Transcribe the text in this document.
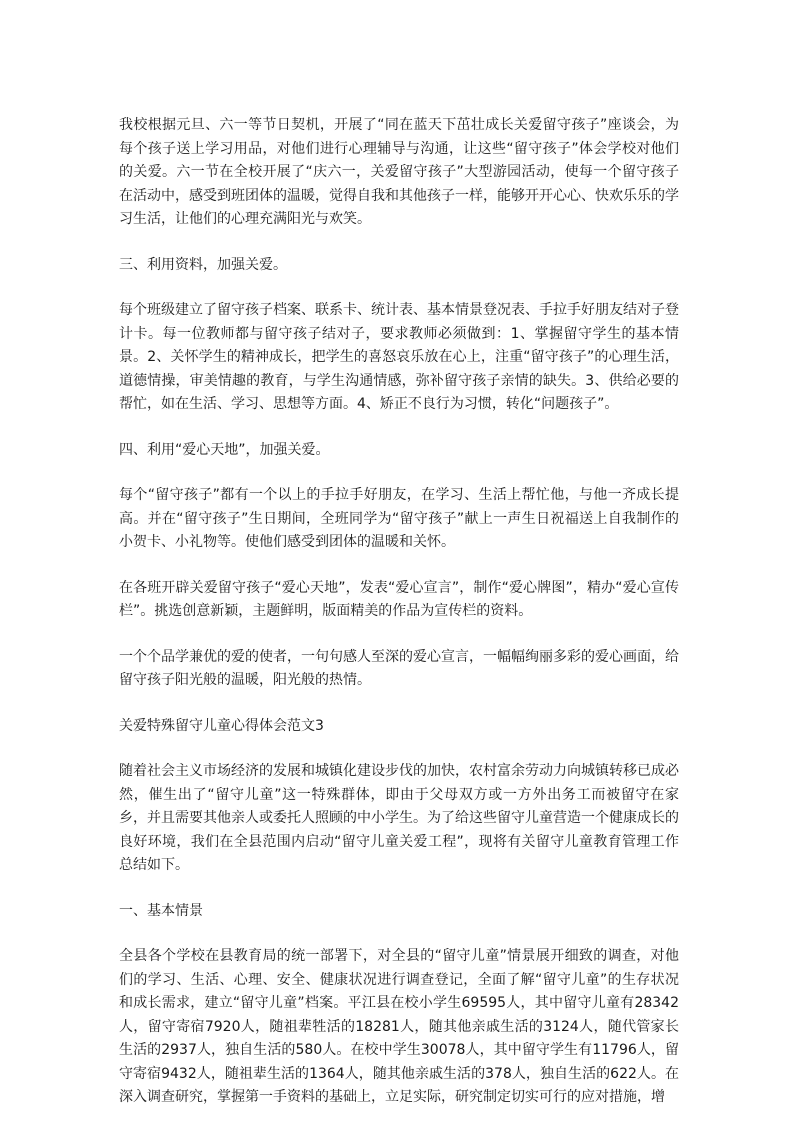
我校根据元旦、六一等节日契机，开展了“同在蓝天下茁壮成长关爱留守孩子”座谈会，为每个孩子送上学习用品，对他们进行心理辅导与沟通，让这些“留守孩子”体会学校对他们的关爱。六一节在全校开展了“庆六一，关爱留守孩子”大型游园活动，使每一个留守孩子在活动中，感受到班团体的温暖，觉得自我和其他孩子一样，能够开开心心、快欢乐乐的学习生活，让他们的心理充满阳光与欢笑。

三、利用资料，加强关爱。

每个班级建立了留守孩子档案、联系卡、统计表、基本情景登况表、手拉手好朋友结对子登计卡。每一位教师都与留守孩子结对子，要求教师必须做到：1、掌握留守学生的基本情景。2、关怀学生的精神成长，把学生的喜怒哀乐放在心上，注重“留守孩子”的心理生活，道德情操，审美情趣的教育，与学生沟通情感，弥补留守孩子亲情的缺失。3、供给必要的帮忙，如在生活、学习、思想等方面。4、矫正不良行为习惯，转化“问题孩子”。

四、利用“爱心天地”，加强关爱。

每个“留守孩子”都有一个以上的手拉手好朋友，在学习、生活上帮忙他，与他一齐成长提高。并在“留守孩子”生日期间，全班同学为“留守孩子”献上一声生日祝福送上自我制作的小贺卡、小礼物等。使他们感受到团体的温暖和关怀。

在各班开辟关爱留守孩子“爱心天地”，发表“爱心宣言”，制作“爱心牌图”，精办“爱心宣传栏”。挑选创意新颖，主题鲜明，版面精美的作品为宣传栏的资料。

一个个品学兼优的爱的使者，一句句感人至深的爱心宣言，一幅幅绚丽多彩的爱心画面，给留守孩子阳光般的温暖，阳光般的热情。

关爱特殊留守儿童心得体会范文3

随着社会主义市场经济的发展和城镇化建设步伐的加快，农村富余劳动力向城镇转移已成必然，催生出了“留守儿童”这一特殊群体，即由于父母双方或一方外出务工而被留守在家乡，并且需要其他亲人或委托人照顾的中小学生。为了给这些留守儿童营造一个健康成长的良好环境，我们在全县范围内启动“留守儿童关爱工程”，现将有关留守儿童教育管理工作总结如下。

一、基本情景

全县各个学校在县教育局的统一部署下，对全县的“留守儿童”情景展开细致的调查，对他们的学习、生活、心理、安全、健康状况进行调查登记，全面了解“留守儿童”的生存状况和成长需求，建立“留守儿童”档案。平江县在校小学生69595人，其中留守儿童有28342人，留守寄宿7920人，随祖辈牲活的18281人，随其他亲戚生活的3124人，随代管家长生活的2937人，独自生活的580人。在校中学生30078人，其中留守学生有11796人，留守寄宿9432人，随祖辈生活的1364人，随其他亲戚生活的378人，独自生活的622人。在深入调查研究，掌握第一手资料的基础上，立足实际，研究制定切实可行的应对措施，增
